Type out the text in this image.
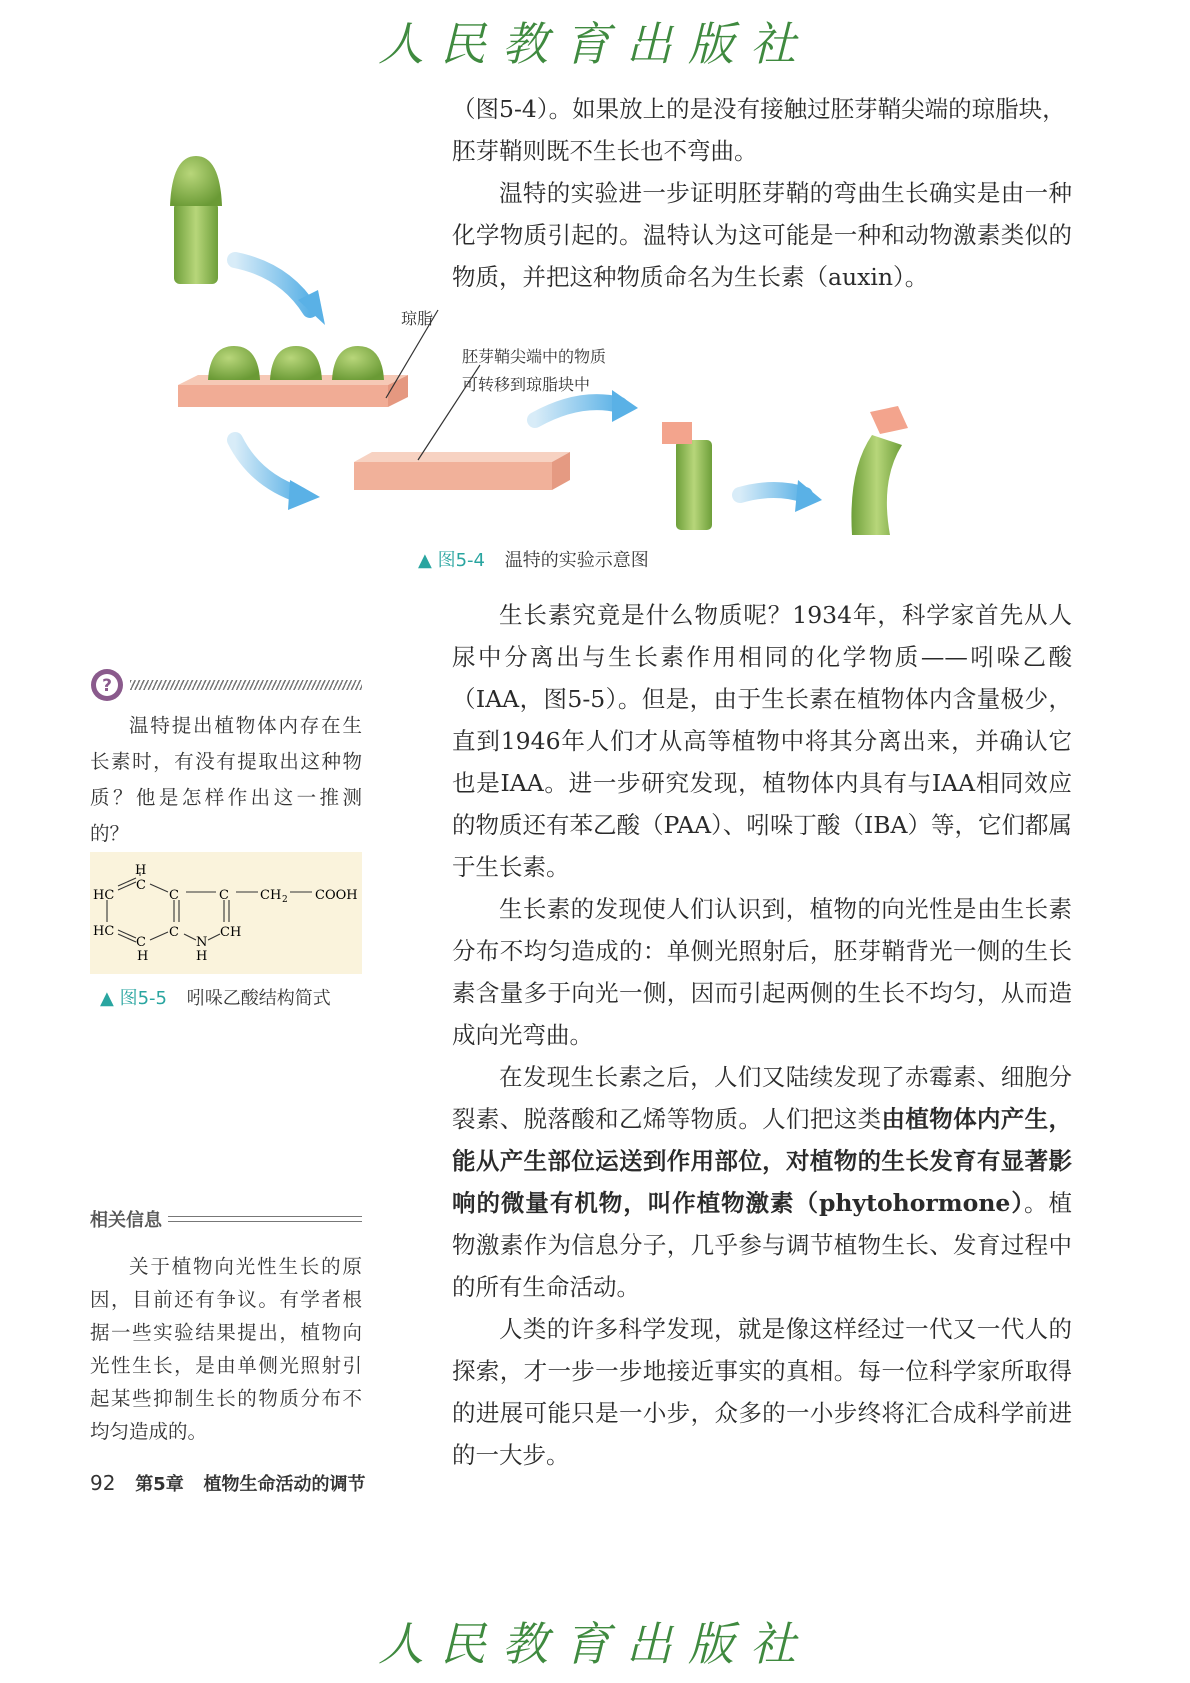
人民教育出版社

（图5-4）。如果放上的是没有接触过胚芽鞘尖端的琼脂块，

胚芽鞘则既不生长也不弯曲。

温特的实验进一步证明胚芽鞘的弯曲生长确实是由一种化学物质引起的。温特认为这可能是一种和动物激素类似的物质，并把这种物质命名为生长素（auxin）。

琼脂
胚芽鞘尖端中的物质
可转移到琼脂块中
▲ 图5-4 温特的实验示意图

生长素究竟是什么物质呢？1934年，科学家首先从人尿中分离出与生长素作用相同的化学物质——吲哚乙酸（IAA，图5-5）。但是，由于生长素在植物体内含量极少，直到1946年人们才从高等植物中将其分离出来，并确认它也是IAA。进一步研究发现，植物体内具有与IAA相同效应的物质还有苯乙酸（PAA）、吲哚丁酸（IBA）等，它们都属于生长素。

生长素的发现使人们认识到，植物的向光性是由生长素分布不均匀造成的：单侧光照射后，胚芽鞘背光一侧的生长素含量多于向光一侧，因而引起两侧的生长不均匀，从而造成向光弯曲。

在发现生长素之后，人们又陆续发现了赤霉素、细胞分裂素、脱落酸和乙烯等物质。人们把这类由植物体内产生，能从产生部位运送到作用部位，对植物的生长发育有显著影响的微量有机物，叫作植物激素（phytohormone）。植物激素作为信息分子，几乎参与调节植物生长、发育过程中的所有生命活动。

人类的许多科学发现，就是像这样经过一代又一代人的探索，才一步一步地接近事实的真相。每一位科学家所取得的进展可能只是一小步，众多的一小步终将汇合成科学前进的一大步。

?

温特提出植物体内存在生长素时，有没有提取出这种物质？他是怎样作出这一推测的？

H
HC
C
C	C CH 2 COOH
HC
C
C
N
CH
H	H
▲ 图5-5 吲哚乙酸结构简式
相关信息

关于植物向光性生长的原因，目前还有争议。有学者根据一些实验结果提出，植物向光性生长，是由单侧光照射引起某些抑制生长的物质分布不均匀造成的。

92 第5章 植物生命活动的调节
人民教育出版社
